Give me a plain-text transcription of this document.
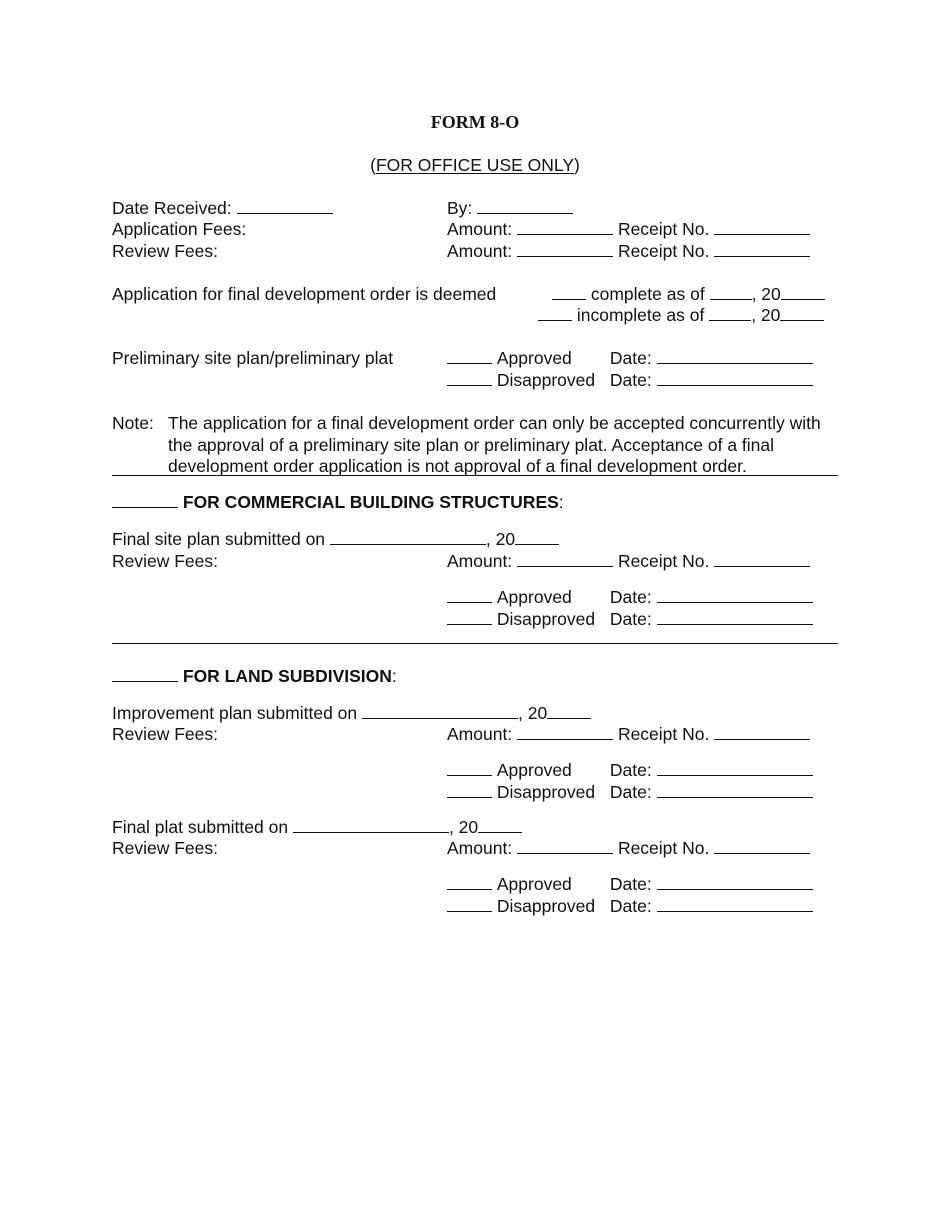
FORM 8-O
(FOR OFFICE USE ONLY)
Date Received:	By:
Application Fees:	Amount:	Receipt No.
Review Fees:	Amount:	Receipt No.
Application for final development order is deemed	complete as of	, 20
incomplete as of	, 20
Preliminary site plan/preliminary plat	Approved Date:
Disapproved Date:
Note: The application for a final development order can only be accepted concurrently with the approval of a preliminary site plan or preliminary plat. Acceptance of a final development order application is not approval of a final development order.
FOR COMMERCIAL BUILDING STRUCTURES:
Final site plan submitted on	, 20
Review Fees:	Amount:	Receipt No.
Approved Date:
Disapproved Date:
FOR LAND SUBDIVISION:
Improvement plan submitted on	, 20
Review Fees:	Amount:	Receipt No.
Approved Date:
Disapproved Date:
Final plat submitted on	, 20
Review Fees:	Amount:	Receipt No.
Approved Date:
Disapproved Date:
